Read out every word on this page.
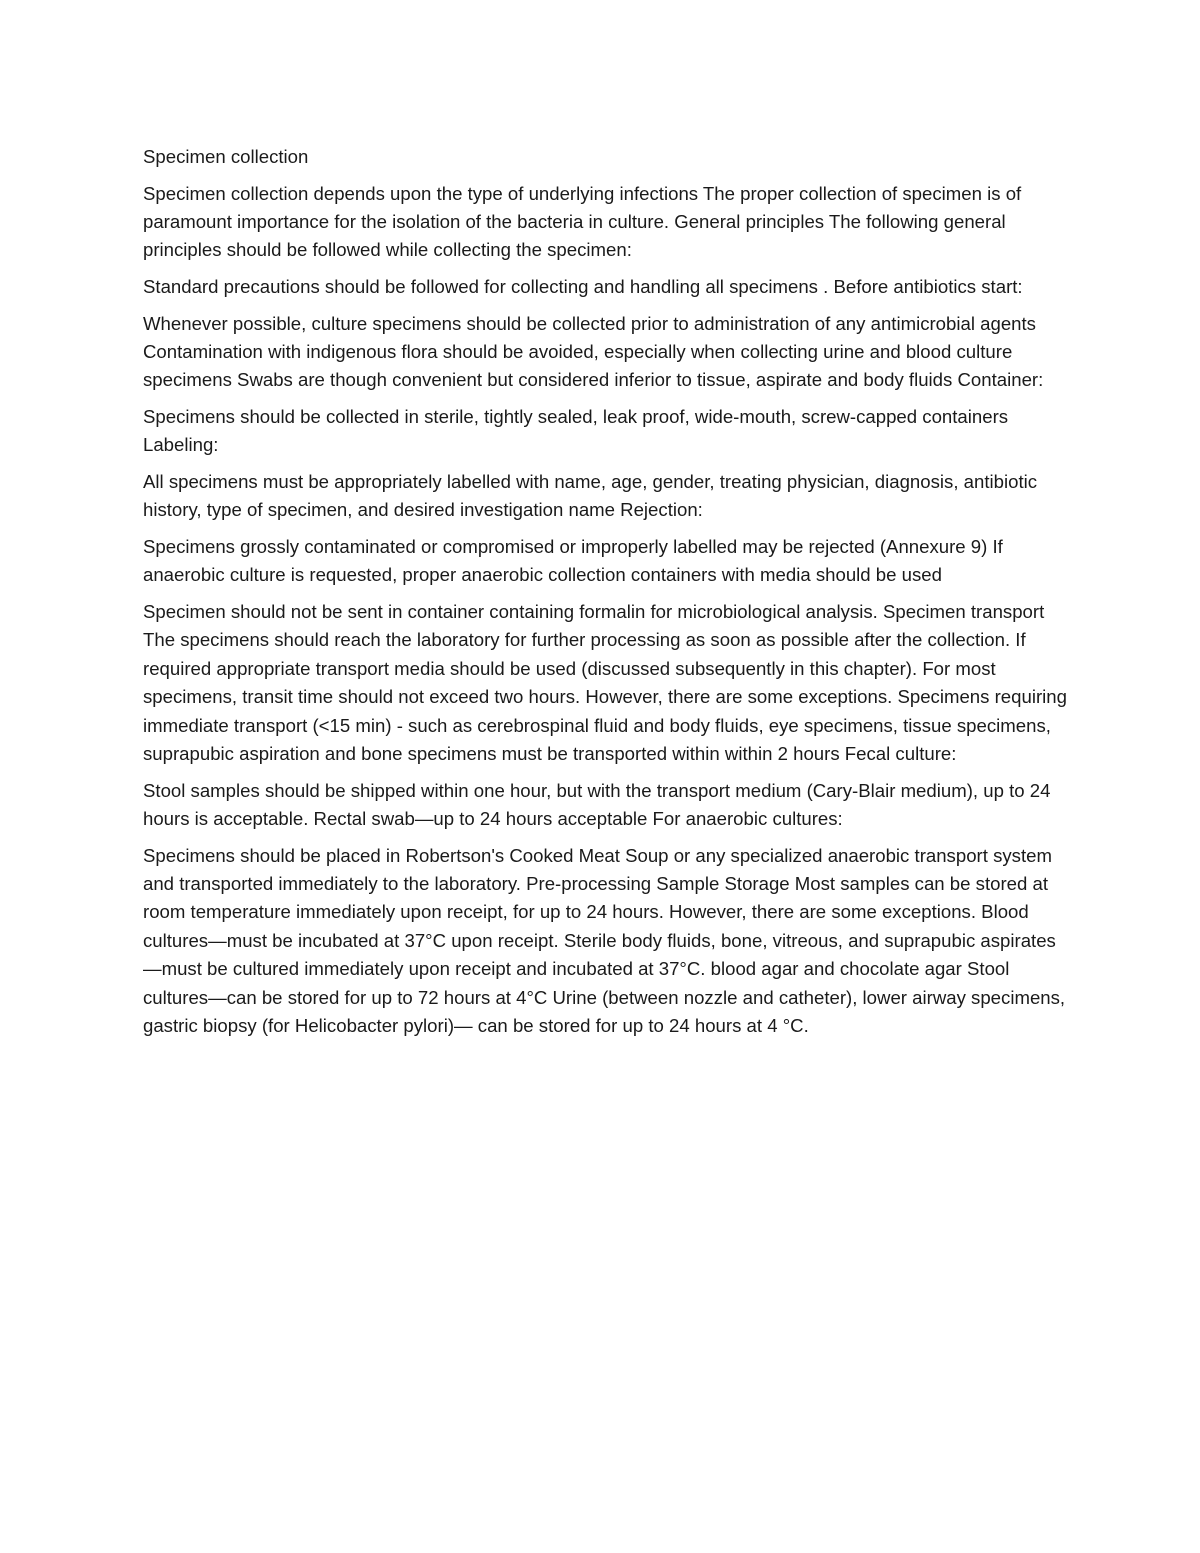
Specimen collection

Specimen collection depends upon the type of underlying infections The proper collection of specimen is of paramount importance for the isolation of the bacteria in culture. General principles The following general principles should be followed while collecting the specimen:

Standard precautions should be followed for collecting and handling all specimens . Before antibiotics start:

Whenever possible, culture specimens should be collected prior to administration of any antimicrobial agents Contamination with indigenous flora should be avoided, especially when collecting urine and blood culture specimens Swabs are though convenient but considered inferior to tissue, aspirate and body fluids Container:

Specimens should be collected in sterile, tightly sealed, leak proof, wide-mouth, screw-capped containers Labeling:

All specimens must be appropriately labelled with name, age, gender, treating physician, diagnosis, antibiotic history, type of specimen, and desired investigation name Rejection:

Specimens grossly contaminated or compromised or improperly labelled may be rejected (Annexure 9) If anaerobic culture is requested, proper anaerobic collection containers with media should be used

Specimen should not be sent in container containing formalin for microbiological analysis. Specimen transport The specimens should reach the laboratory for further processing as soon as possible after the collection. If required appropriate transport media should be used (discussed subsequently in this chapter). For most specimens, transit time should not exceed two hours. However, there are some exceptions. Specimens requiring immediate transport (<15 min) - such as cerebrospinal fluid and body fluids, eye specimens, tissue specimens, suprapubic aspiration and bone specimens must be transported within within 2 hours Fecal culture:

Stool samples should be shipped within one hour, but with the transport medium (Cary-Blair medium), up to 24 hours is acceptable. Rectal swab—up to 24 hours acceptable For anaerobic cultures:

Specimens should be placed in Robertson's Cooked Meat Soup or any specialized anaerobic transport system and transported immediately to the laboratory. Pre-processing Sample Storage Most samples can be stored at room temperature immediately upon receipt, for up to 24 hours. However, there are some exceptions. Blood cultures—must be incubated at 37°C upon receipt. Sterile body fluids, bone, vitreous, and suprapubic aspirates—must be cultured immediately upon receipt and incubated at 37°C. blood agar and chocolate agar Stool cultures—can be stored for up to 72 hours at 4°C Urine (between nozzle and catheter), lower airway specimens, gastric biopsy (for Helicobacter pylori)— can be stored for up to 24 hours at 4 °C.
